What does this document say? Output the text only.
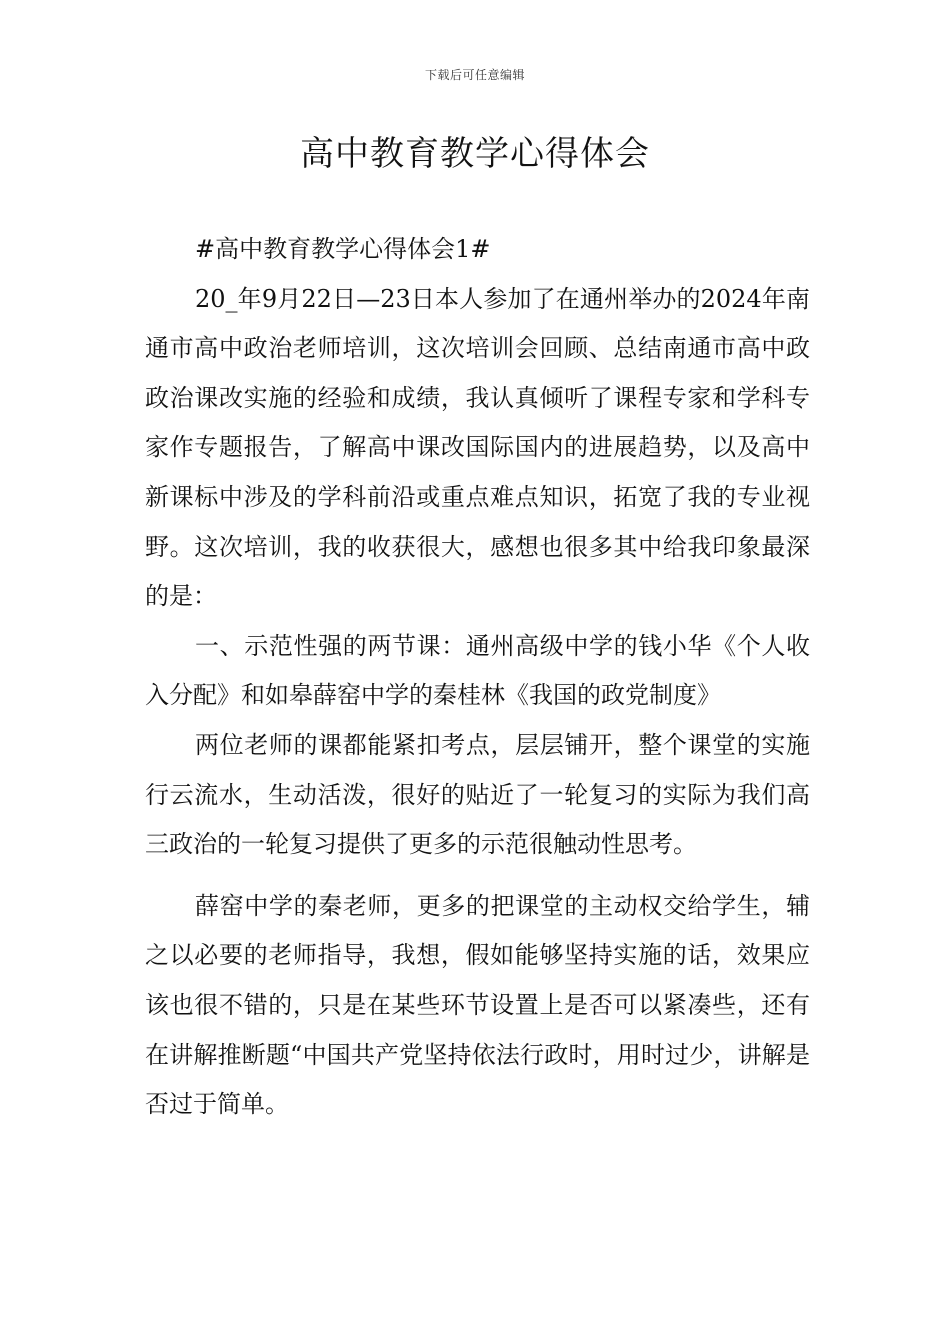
下载后可任意编辑
高中教育教学心得体会

#高中教育教学心得体会1#

20_年9月22日—23日本人参加了在通州举办的2024年南通市高中政治老师培训，这次培训会回顾、总结南通市高中政政治课改实施的经验和成绩，我认真倾听了课程专家和学科专家作专题报告，了解高中课改国际国内的进展趋势，以及高中新课标中涉及的学科前沿或重点难点知识，拓宽了我的专业视野。这次培训，我的收获很大，感想也很多其中给我印象最深的是：

一、示范性强的两节课：通州高级中学的钱小华《个人收入分配》和如皋薛窑中学的秦桂林《我国的政党制度》

两位老师的课都能紧扣考点，层层铺开，整个课堂的实施行云流水，生动活泼，很好的贴近了一轮复习的实际为我们高三政治的一轮复习提供了更多的示范很触动性思考。

薛窑中学的秦老师，更多的把课堂的主动权交给学生，辅之以必要的老师指导，我想，假如能够坚持实施的话，效果应该也很不错的，只是在某些环节设置上是否可以紧凑些，还有在讲解推断题“中国共产党坚持依法行政时，用时过少，讲解是否过于简单。
